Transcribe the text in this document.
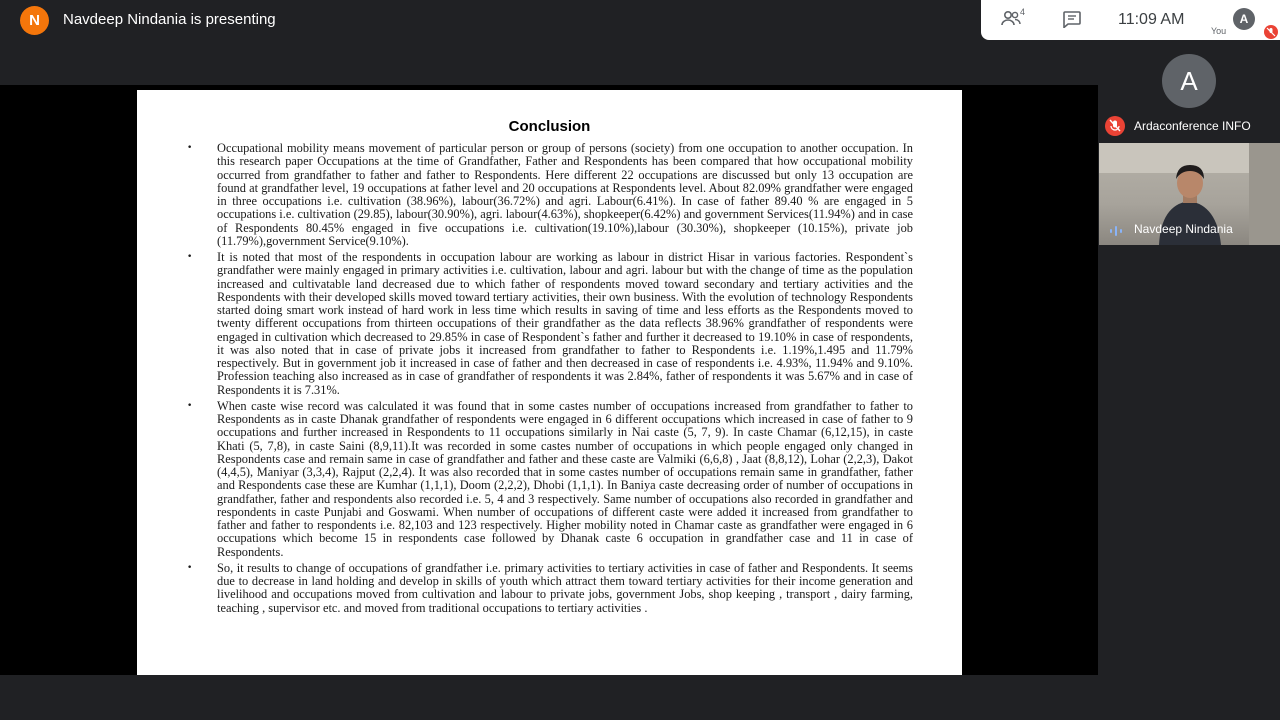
N	Navdeep Nindania is presenting	4	11:09 AM	A
You
Conclusion
• Occupational mobility means movement of particular person or group of persons (society) from one occupation to another occupation. In this research paper Occupations at the time of Grandfather, Father and Respondents has been compared that how occupational mobility occurred from grandfather to father and father to Respondents. Here different 22 occupations are discussed but only 13 occupation are found at grandfather level, 19 occupations at father level and 20 occupations at Respondents level. About 82.09% grandfather were engaged in three occupations i.e. cultivation (38.96%), labour(36.72%) and agri. Labour(6.41%). In case of father 89.40 % are engaged in 5 occupations i.e. cultivation (29.85), labour(30.90%), agri. labour(4.63%), shopkeeper(6.42%) and government Services(11.94%) and in case of Respondents 80.45% engaged in five occupations i.e. cultivation(19.10%),labour (30.30%), shopkeeper (10.15%), private job (11.79%),government Service(9.10%).
• It is noted that most of the respondents in occupation labour are working as labour in district Hisar in various factories. Respondent`s grandfather were mainly engaged in primary activities i.e. cultivation, labour and agri. labour but with the change of time as the population increased and cultivatable land decreased due to which father of respondents moved toward secondary and tertiary activities and the Respondents with their developed skills moved toward tertiary activities, their own business. With the evolution of technology Respondents started doing smart work instead of hard work in less time which results in saving of time and less efforts as the Respondents moved to twenty different occupations from thirteen occupations of their grandfather as the data reflects 38.96% grandfather of respondents were engaged in cultivation which decreased to 29.85% in case of Respondent`s father and further it decreased to 19.10% in case of respondents, it was also noted that in case of private jobs it increased from grandfather to father to Respondents i.e. 1.19%,1.495 and 11.79% respectively. But in government job it increased in case of father and then decreased in case of respondents i.e. 4.93%, 11.94% and 9.10%. Profession teaching also increased as in case of grandfather of respondents it was 2.84%, father of respondents it was 5.67% and in case of Respondents it is 7.31%.
• When caste wise record was calculated it was found that in some castes number of occupations increased from grandfather to father to Respondents as in caste Dhanak grandfather of respondents were engaged in 6 different occupations which increased in case of father to 9 occupations and further increased in Respondents to 11 occupations similarly in Nai caste (5, 7, 9). In caste Chamar (6,12,15), in caste Khati (5, 7,8), in caste Saini (8,9,11).It was recorded in some castes number of occupations in which people engaged only changed in Respondents case and remain same in case of grandfather and father and these caste are Valmiki (6,6,8) , Jaat (8,8,12), Lohar (2,2,3), Dakot (4,4,5), Maniyar (3,3,4), Rajput (2,2,4). It was also recorded that in some castes number of occupations remain same in grandfather, father and Respondents case these are Kumhar (1,1,1), Doom (2,2,2), Dhobi (1,1,1). In Baniya caste decreasing order of number of occupations in grandfather, father and respondents also recorded i.e. 5, 4 and 3 respectively. Same number of occupations also recorded in grandfather and respondents in caste Punjabi and Goswami. When number of occupations of different caste were added it increased from grandfather to father and father to respondents i.e. 82,103 and 123 respectively. Higher mobility noted in Chamar caste as grandfather were engaged in 6 occupations which become 15 in respondents case followed by Dhanak caste 6 occupation in grandfather case and 11 in case of Respondents.
• So, it results to change of occupations of grandfather i.e. primary activities to tertiary activities in case of father and Respondents. It seems due to decrease in land holding and develop in skills of youth which attract them toward tertiary activities for their income generation and livelihood and occupations moved from cultivation and labour to private jobs, government Jobs, shop keeping , transport , dairy farming, teaching , supervisor etc. and moved from traditional occupations to tertiary activities .
A
Ardaconference INFO
Navdeep Nindania
